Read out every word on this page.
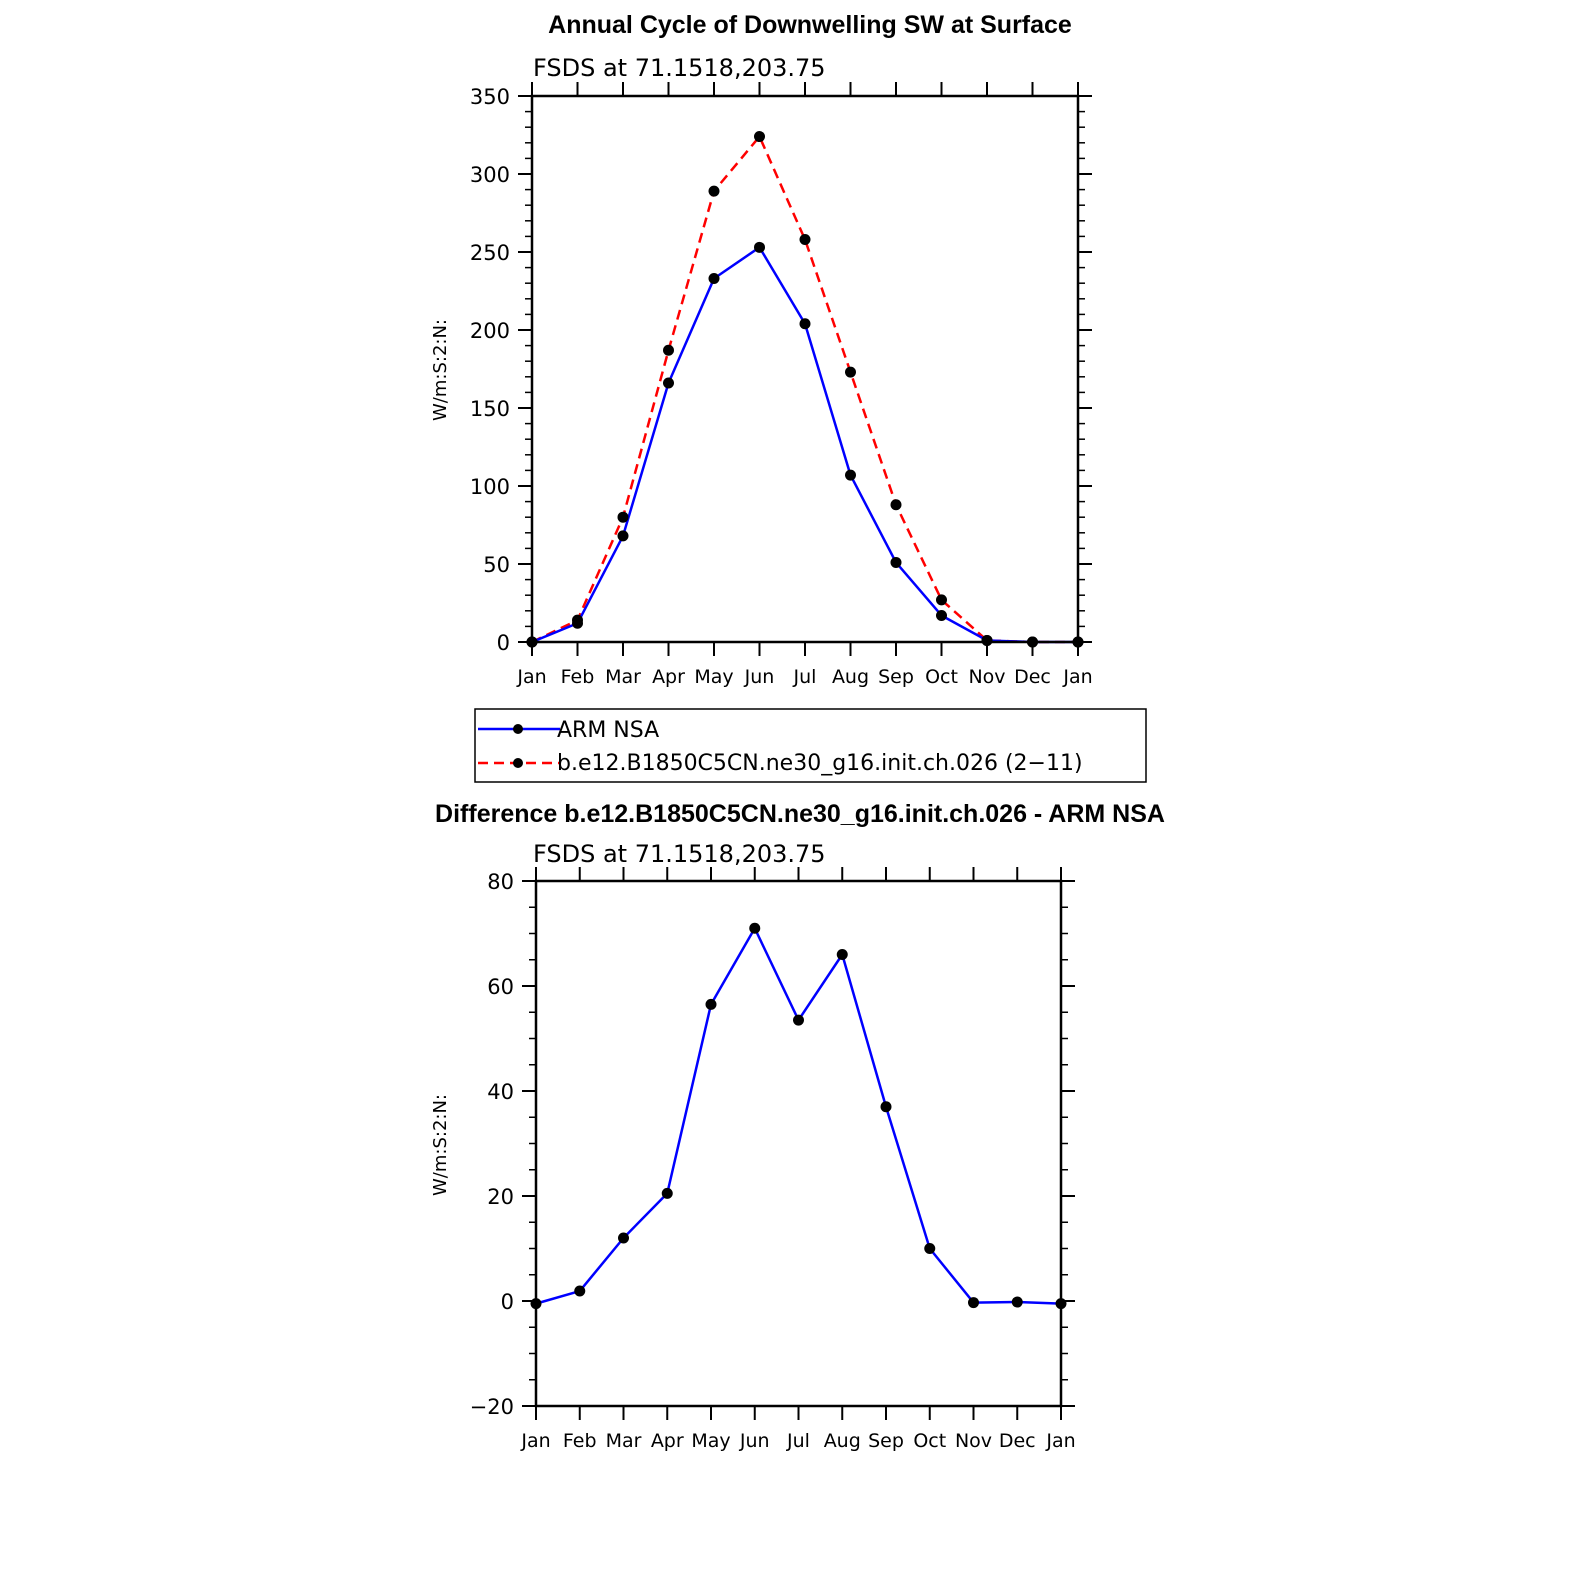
Annual Cycle of Downwelling SW at Surface
FSDS at 71.1518,203.75
W/m:S:2:N:
0
50
100
150
200
250
300
350
Jan Feb Mar Apr May Jun Jul Aug Sep Oct Nov Dec Jan
ARM NSA
b.e12.B1850C5CN.ne30_g16.init.ch.026 (2−11)
Difference b.e12.B1850C5CN.ne30_g16.init.ch.026 - ARM NSA
FSDS at 71.1518,203.75
W/m:S:2:N:
−20
0
20
40
60
80
Jan Feb Mar Apr May Jun Jul Aug Sep Oct Nov Dec Jan
